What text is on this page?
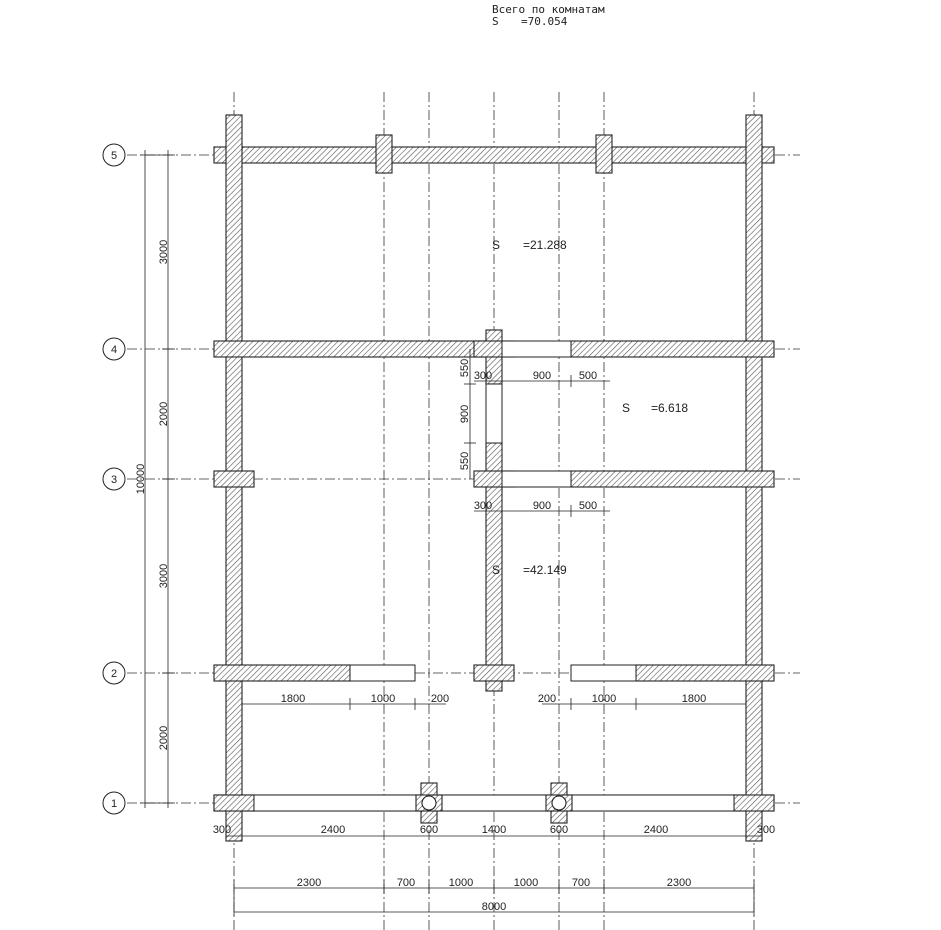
Всего по комнатам
S =70.054
S =21.288
S =6.618
S =42.149
5
4
3
2
1
3000
2000
3000
2000
10000
300	2400	600	1400	600	2400	300
2300	700	1000	1000	700	2300
8000
1800	1000	200	200	1000	1800
300	900	500
300	900	500
550
900
550
